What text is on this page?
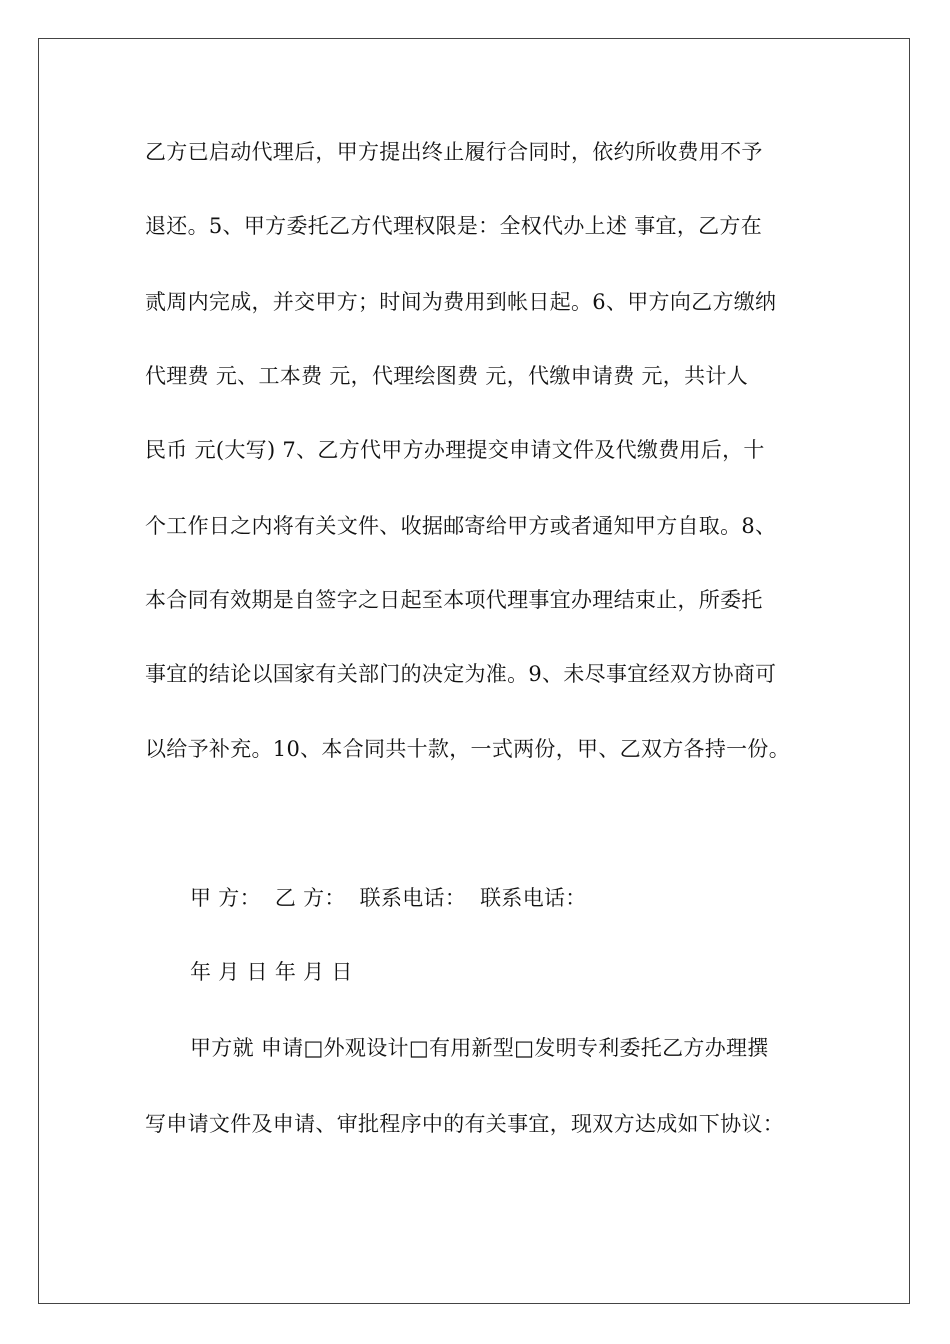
乙方已启动代理后，甲方提出终止履行合同时，依约所收费用不予
退还。5、甲方委托乙方代理权限是：全权代办上述 事宜，乙方在
贰周内完成，并交甲方；时间为费用到帐日起。6、甲方向乙方缴纳
代理费 元、工本费 元，代理绘图费 元，代缴申请费 元，共计人
民币 元(大写) 7、乙方代甲方办理提交申请文件及代缴费用后，十
个工作日之内将有关文件、收据邮寄给甲方或者通知甲方自取。8、
本合同有效期是自签字之日起至本项代理事宜办理结束止，所委托
事宜的结论以国家有关部门的决定为准。9、未尽事宜经双方协商可
以给予补充。10、本合同共十款，一式两份，甲、乙双方各持一份。
甲 方：  乙 方：  联系电话：  联系电话：
年 月 日 年 月 日
甲方就 申请□外观设计□有用新型□发明专利委托乙方办理撰
写申请文件及申请、审批程序中的有关事宜，现双方达成如下协议：
